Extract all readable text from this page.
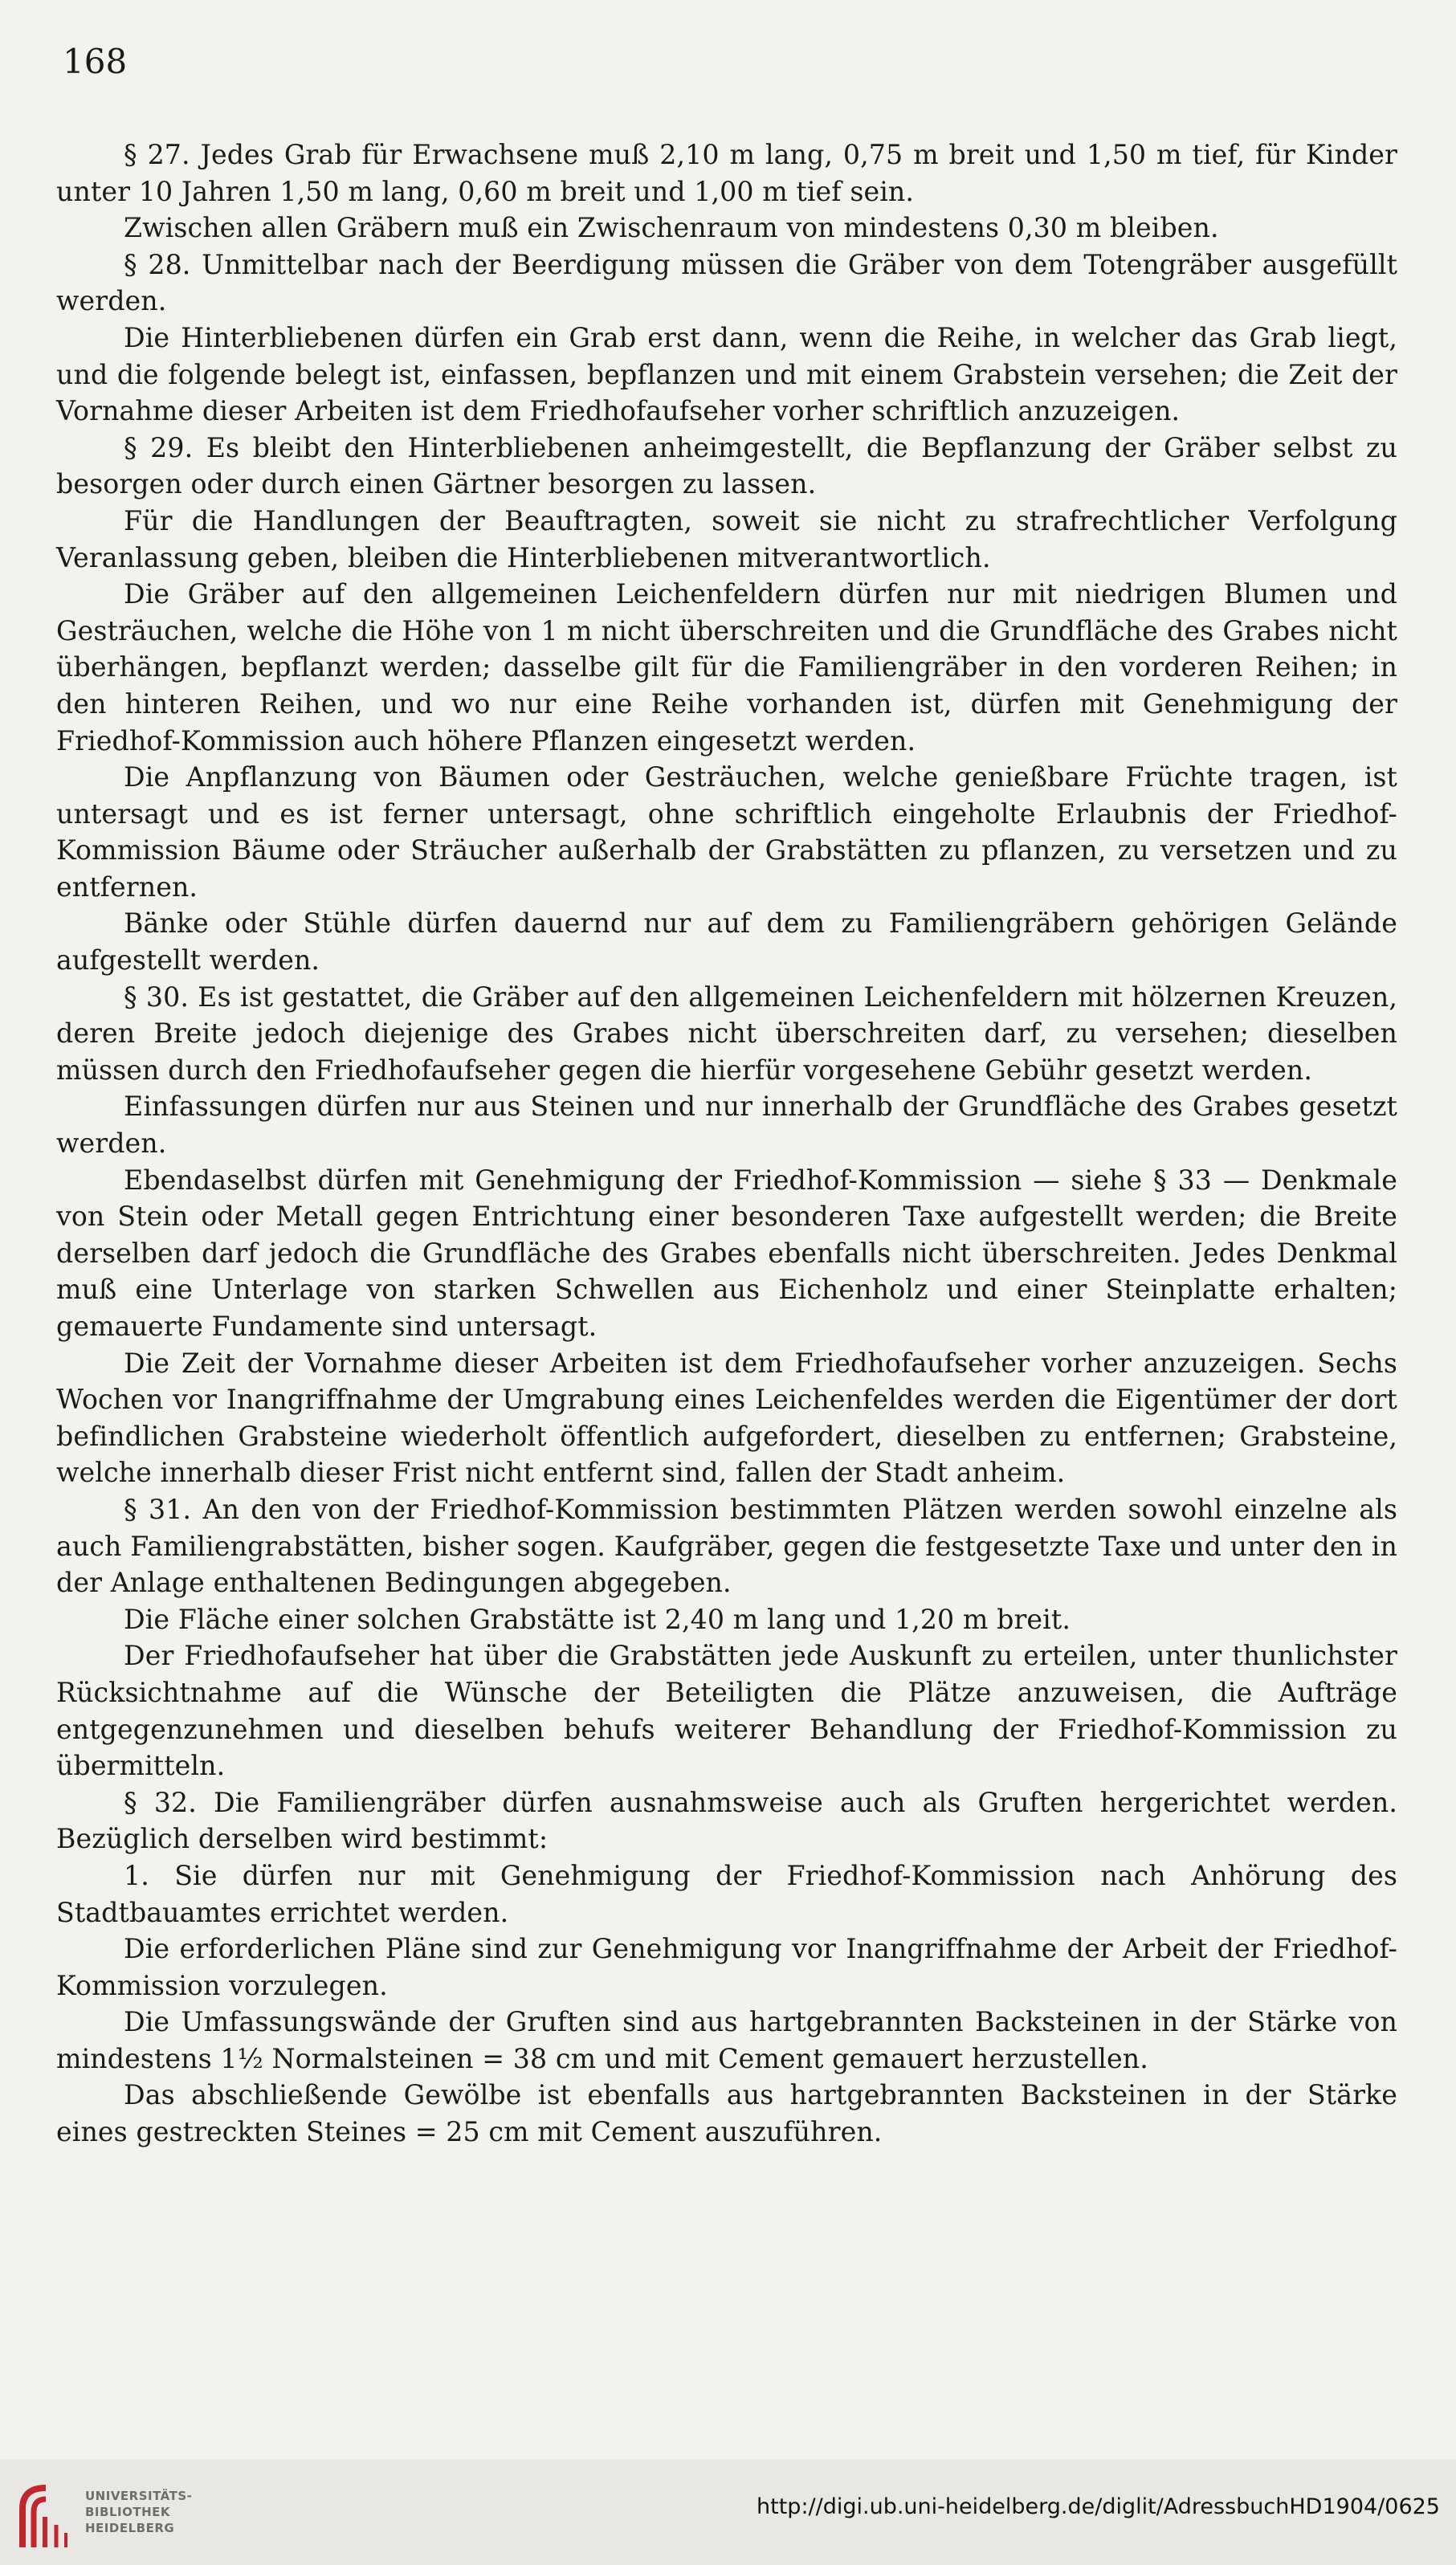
168

§ 27. Jedes Grab für Erwachsene muß 2,10 m lang, 0,75 m breit und 1,50 m tief, für Kinder unter 10 Jahren 1,50 m lang, 0,60 m breit und 1,00 m tief sein.

Zwischen allen Gräbern muß ein Zwischenraum von mindestens 0,30 m bleiben.

§ 28. Unmittelbar nach der Beerdigung müssen die Gräber von dem Totengräber ausgefüllt werden.

Die Hinterbliebenen dürfen ein Grab erst dann, wenn die Reihe, in welcher das Grab liegt, und die folgende belegt ist, einfassen, bepflanzen und mit einem Grabstein versehen; die Zeit der Vornahme dieser Arbeiten ist dem Friedhofaufseher vorher schriftlich anzuzeigen.

§ 29. Es bleibt den Hinterbliebenen anheimgestellt, die Bepflanzung der Gräber selbst zu besorgen oder durch einen Gärtner besorgen zu lassen.

Für die Handlungen der Beauftragten, soweit sie nicht zu strafrechtlicher Verfolgung Veranlassung geben, bleiben die Hinterbliebenen mitverantwortlich.

Die Gräber auf den allgemeinen Leichenfeldern dürfen nur mit niedrigen Blumen und Gesträuchen, welche die Höhe von 1 m nicht überschreiten und die Grundfläche des Grabes nicht überhängen, bepflanzt werden; dasselbe gilt für die Familiengräber in den vorderen Reihen; in den hinteren Reihen, und wo nur eine Reihe vorhanden ist, dürfen mit Genehmigung der Friedhof-Kommission auch höhere Pflanzen eingesetzt werden.

Die Anpflanzung von Bäumen oder Gesträuchen, welche genießbare Früchte tragen, ist untersagt und es ist ferner untersagt, ohne schriftlich eingeholte Erlaubnis der Friedhof-Kommission Bäume oder Sträucher außerhalb der Grabstätten zu pflanzen, zu versetzen und zu entfernen.

Bänke oder Stühle dürfen dauernd nur auf dem zu Familiengräbern gehörigen Gelände aufgestellt werden.

§ 30. Es ist gestattet, die Gräber auf den allgemeinen Leichenfeldern mit hölzernen Kreuzen, deren Breite jedoch diejenige des Grabes nicht überschreiten darf, zu versehen; dieselben müssen durch den Friedhofaufseher gegen die hierfür vorgesehene Gebühr gesetzt werden.

Einfassungen dürfen nur aus Steinen und nur innerhalb der Grundfläche des Grabes gesetzt werden.

Ebendaselbst dürfen mit Genehmigung der Friedhof-Kommission — siehe § 33 — Denkmale von Stein oder Metall gegen Entrichtung einer besonderen Taxe aufgestellt werden; die Breite derselben darf jedoch die Grundfläche des Grabes ebenfalls nicht überschreiten. Jedes Denkmal muß eine Unterlage von starken Schwellen aus Eichenholz und einer Steinplatte erhalten; gemauerte Fundamente sind untersagt.

Die Zeit der Vornahme dieser Arbeiten ist dem Friedhofaufseher vorher anzuzeigen. Sechs Wochen vor Inangriffnahme der Umgrabung eines Leichenfeldes werden die Eigentümer der dort befindlichen Grabsteine wiederholt öffentlich aufgefordert, dieselben zu entfernen; Grabsteine, welche innerhalb dieser Frist nicht entfernt sind, fallen der Stadt anheim.

§ 31. An den von der Friedhof-Kommission bestimmten Plätzen werden sowohl einzelne als auch Familiengrabstätten, bisher sogen. Kaufgräber, gegen die festgesetzte Taxe und unter den in der Anlage enthaltenen Bedingungen abgegeben.

Die Fläche einer solchen Grabstätte ist 2,40 m lang und 1,20 m breit.

Der Friedhofaufseher hat über die Grabstätten jede Auskunft zu erteilen, unter thunlichster Rücksichtnahme auf die Wünsche der Beteiligten die Plätze anzuweisen, die Aufträge entgegenzunehmen und dieselben behufs weiterer Behandlung der Friedhof-Kommission zu übermitteln.

§ 32. Die Familiengräber dürfen ausnahmsweise auch als Gruften hergerichtet werden. Bezüglich derselben wird bestimmt:

1. Sie dürfen nur mit Genehmigung der Friedhof-Kommission nach Anhörung des Stadtbauamtes errichtet werden.

Die erforderlichen Pläne sind zur Genehmigung vor Inangriffnahme der Arbeit der Friedhof-Kommission vorzulegen.

Die Umfassungswände der Gruften sind aus hartgebrannten Backsteinen in der Stärke von mindestens 1½ Normalsteinen = 38 cm und mit Cement gemauert herzustellen.

Das abschließende Gewölbe ist ebenfalls aus hartgebrannten Backsteinen in der Stärke eines gestreckten Steines = 25 cm mit Cement auszuführen.

UNIVERSITÄTS-
BIBLIOTHEK
HEIDELBERG
http://digi.ub.uni-heidelberg.de/diglit/AdressbuchHD1904/0625
